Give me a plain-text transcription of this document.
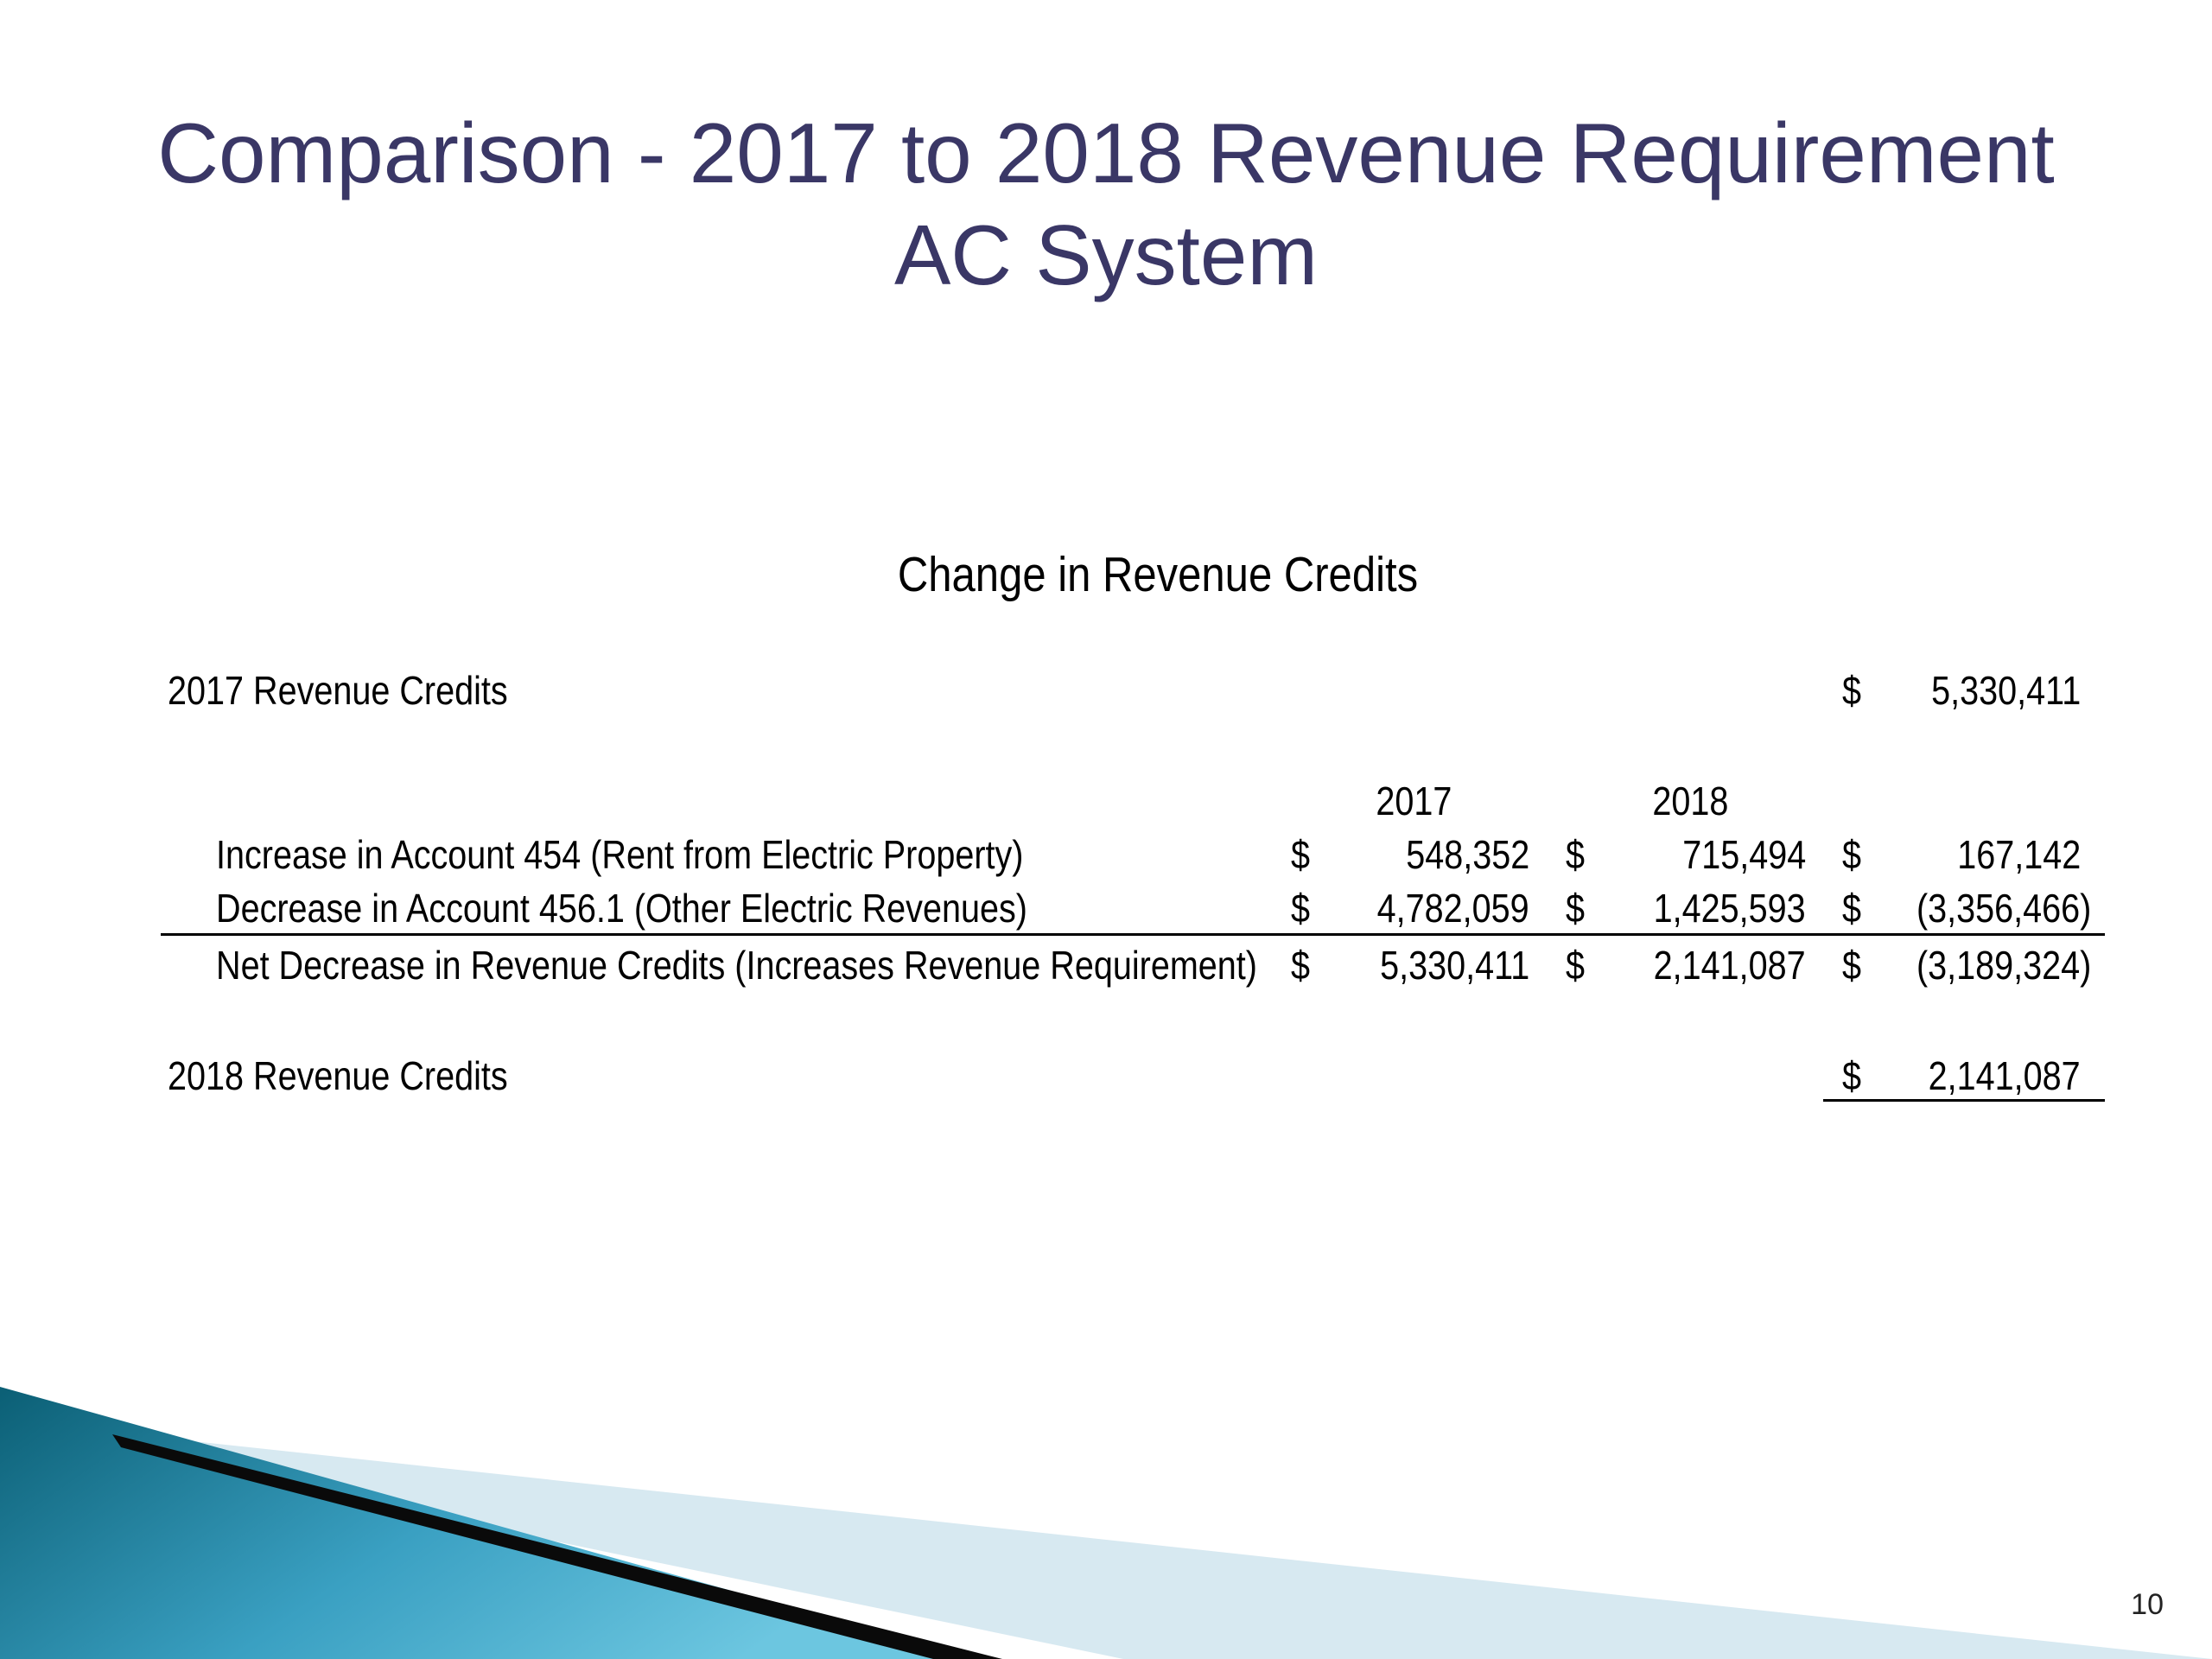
Comparison - 2017 to 2018 Revenue Requirement
AC System
Change in Revenue Credits
2017 Revenue Credits	$ 5,330,411
2017	2018
Increase in Account 454 (Rent from Electric Property)	$ 548,352 $ 715,494 $ 167,142
Decrease in Account 456.1 (Other Electric Revenues)	$ 4,782,059 $ 1,425,593 $ (3,356,466)
Net Decrease in Revenue Credits (Increases Revenue Requirement) $ 5,330,411 $ 2,141,087 $ (3,189,324)
2018 Revenue Credits	$ 2,141,087
10
